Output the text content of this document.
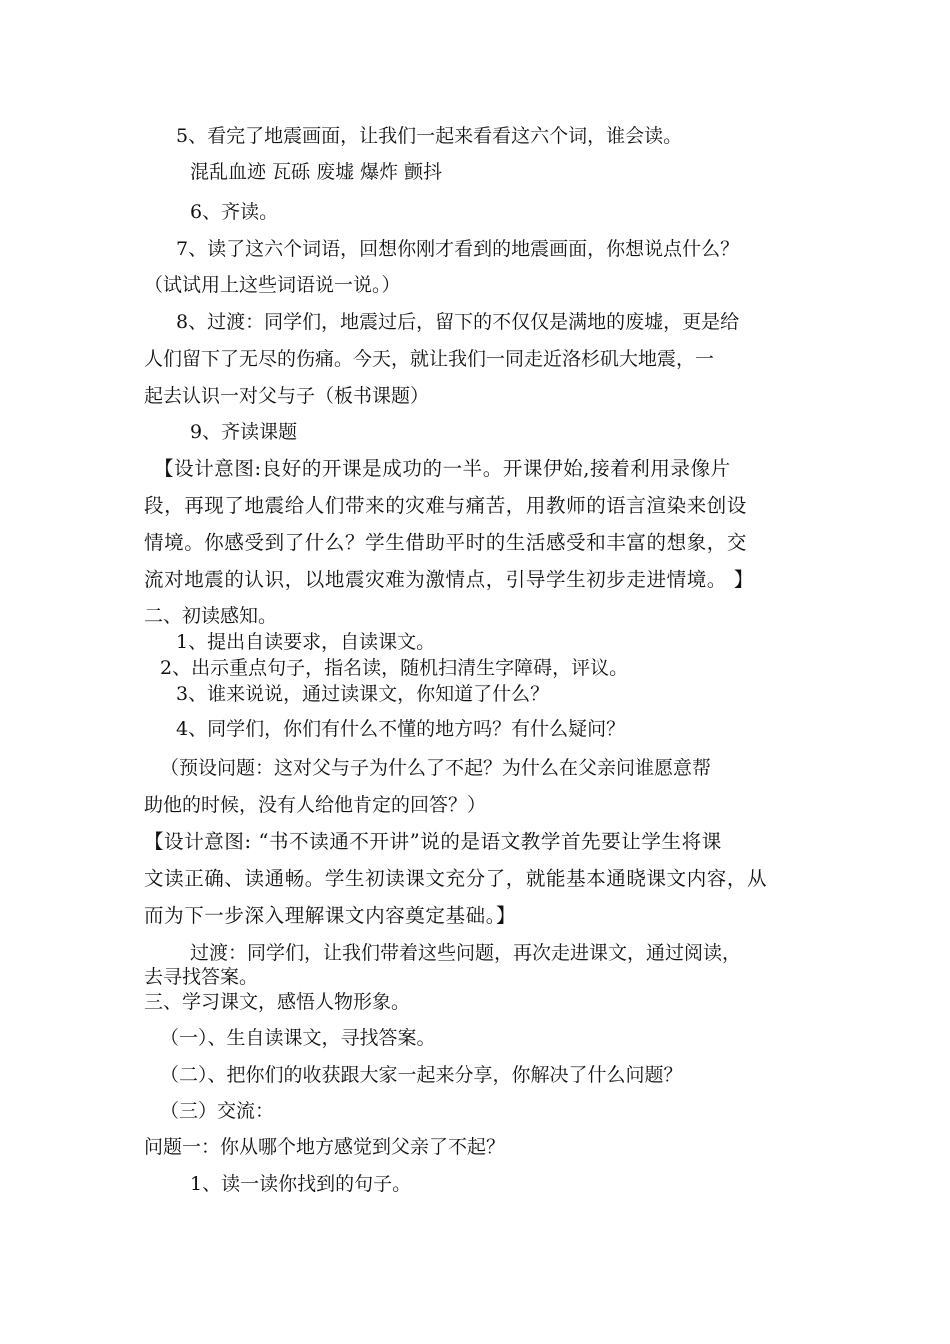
5、看完了地震画面，让我们一起来看看这六个词，谁会读。
混乱血迹 瓦砾 废墟 爆炸 颤抖
6、齐读。
7、读了这六个词语，回想你刚才看到的地震画面，你想说点什么？
（试试用上这些词语说一说。）
8、过渡：同学们，地震过后，留下的不仅仅是满地的废墟，更是给
人们留下了无尽的伤痛。今天，就让我们一同走近洛杉矶大地震，一
起去认识一对父与子（板书课题）
9、齐读课题
【设计意图:良好的开课是成功的一半。开课伊始,接着利用录像片
段，再现了地震给人们带来的灾难与痛苦，用教师的语言渲染来创设
情境。你感受到了什么？学生借助平时的生活感受和丰富的想象，交
流对地震的认识，以地震灾难为激情点，引导学生初步走进情境。 】
二、初读感知。
1、提出自读要求，自读课文。
2、出示重点句子，指名读，随机扫清生字障碍，评议。
3、谁来说说，通过读课文，你知道了什么？
4、同学们，你们有什么不懂的地方吗？有什么疑问？
（预设问题：这对父与子为什么了不起？为什么在父亲问谁愿意帮
助他的时候，没有人给他肯定的回答？）
【设计意图: “书不读通不开讲”说的是语文教学首先要让学生将课
文读正确、读通畅。学生初读课文充分了，就能基本通晓课文内容，从
而为下一步深入理解课文内容奠定基础。】
过渡：同学们，让我们带着这些问题，再次走进课文，通过阅读，
去寻找答案。
三、学习课文，感悟人物形象。
（一）、生自读课文，寻找答案。
（二）、把你们的收获跟大家一起来分享，你解决了什么问题？
（三）交流：
问题一：你从哪个地方感觉到父亲了不起？
1、读一读你找到的句子。
